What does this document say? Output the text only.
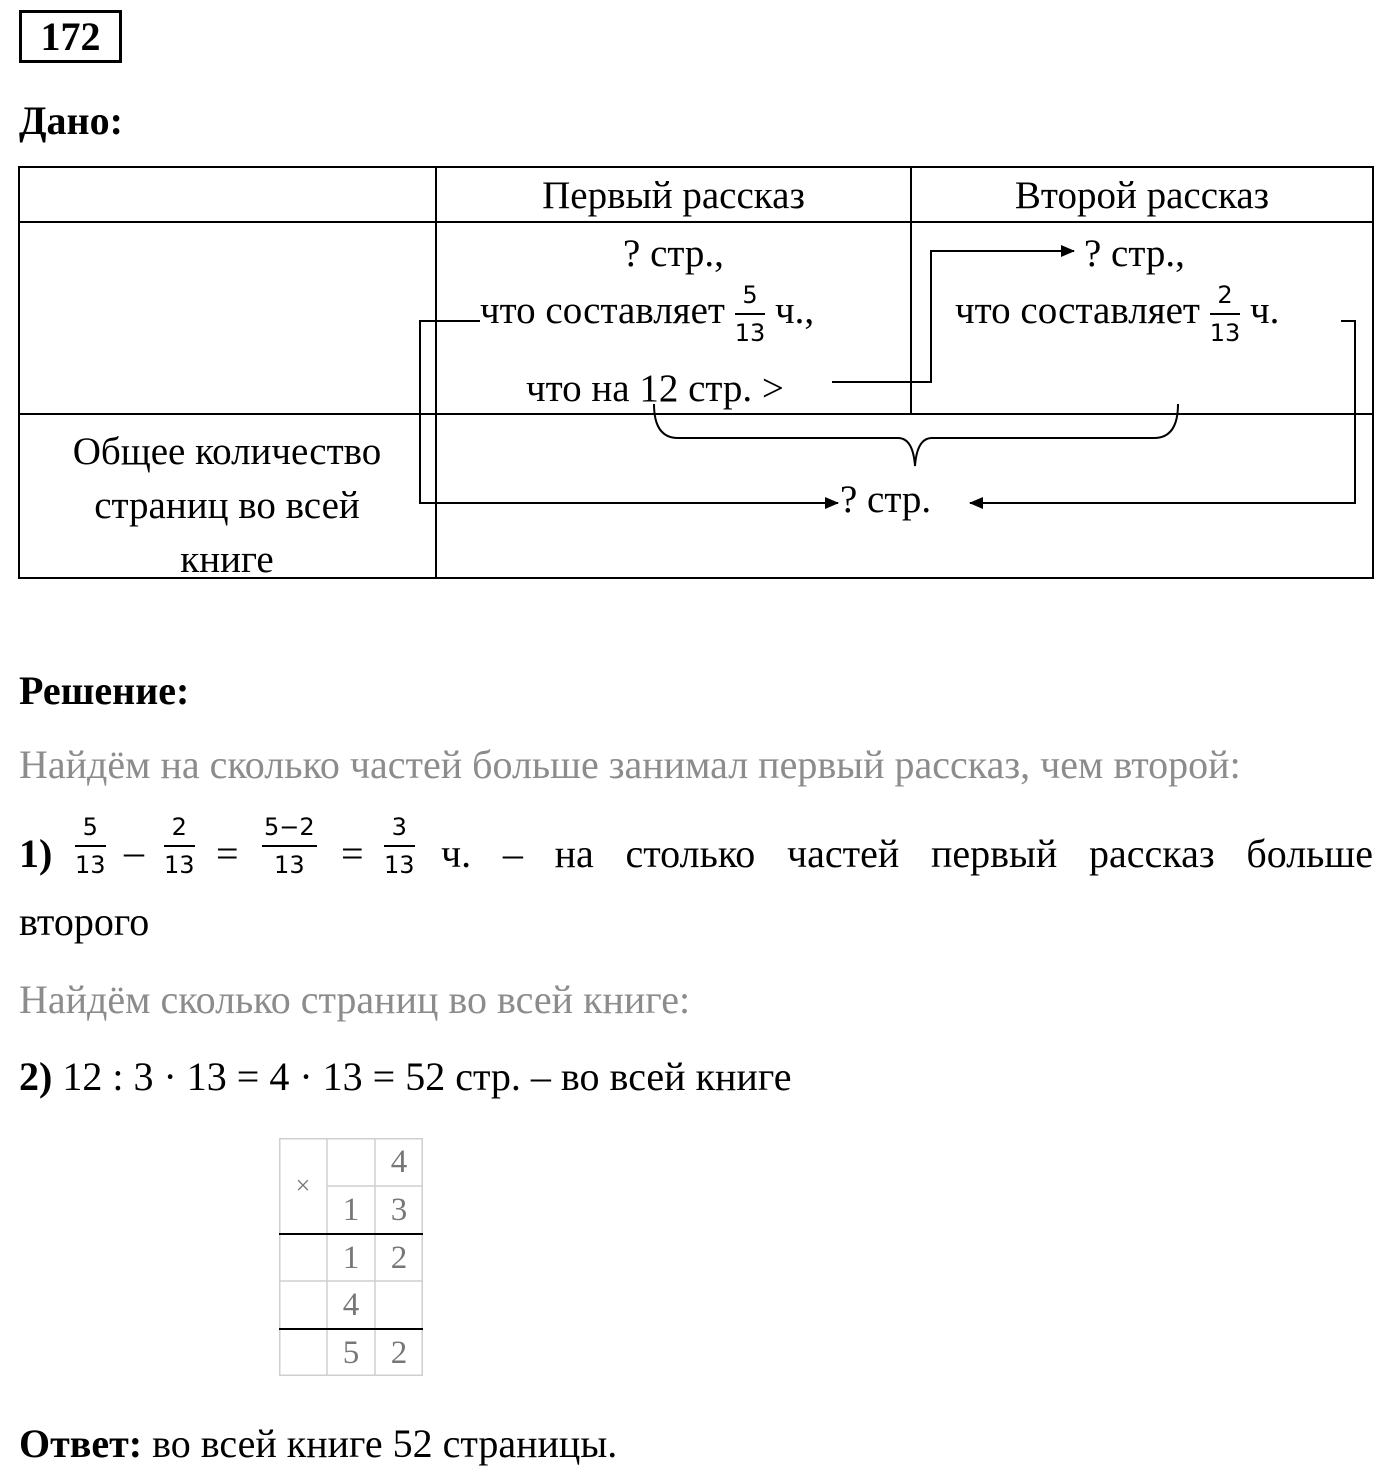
172
Дано:
Первый рассказ	Второй рассказ
? стр.,
что составляет $\frac{5}{13} ч$.,
что на 12 стр. >
? стр.,
что составляет $\frac{2}{13} ч$.
Общее количество
страниц во всей
книге
? стр.
Решение:
Найдём на сколько частей больше занимал первый рассказ, чем второй:
$1) \frac{5}{13} - \frac{2}{13} = \frac{5-2}{13} = \frac{3}{13} ч$. – на столько частей первый рассказ больше
второго
Найдём сколько страниц во всей книге:
2) 12 : 3 · 13 = 4 · 13 = 52 стр. – во всей книге
×
4
1 3
1 2
4
5 2
Ответ: во всей книге 52 страницы.
